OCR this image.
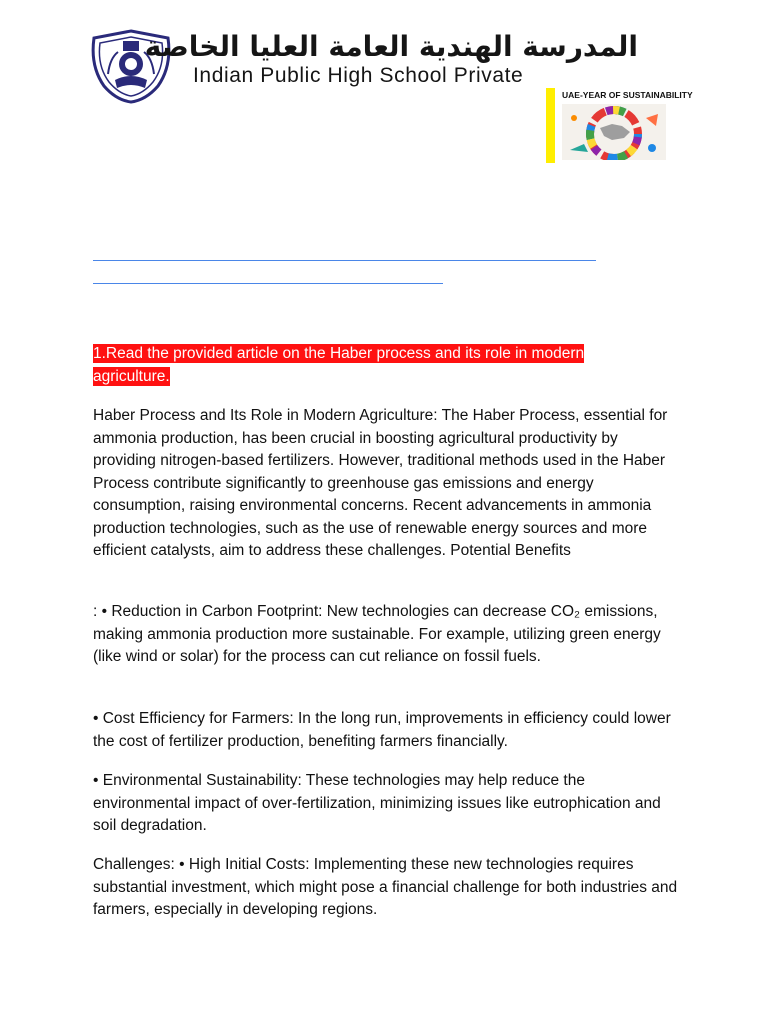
المدرسة الهندية العامة العليا الخاصة
Indian Public High School Private
UAE-YEAR OF SUSTAINABILITY
1.Read the provided article on the Haber process and its role in modern agriculture.

Haber Process and Its Role in Modern Agriculture: The Haber Process, essential for ammonia production, has been crucial in boosting agricultural productivity by providing nitrogen-based fertilizers. However, traditional methods used in the Haber Process contribute significantly to greenhouse gas emissions and energy consumption, raising environmental concerns. Recent advancements in ammonia production technologies, such as the use of renewable energy sources and more efficient catalysts, aim to address these challenges. Potential Benefits

: • Reduction in Carbon Footprint: New technologies can decrease CO₂ emissions, making ammonia production more sustainable. For example, utilizing green energy (like wind or solar) for the process can cut reliance on fossil fuels.

• Cost Efficiency for Farmers: In the long run, improvements in efficiency could lower the cost of fertilizer production, benefiting farmers financially.

• Environmental Sustainability: These technologies may help reduce the environmental impact of over-fertilization, minimizing issues like eutrophication and soil degradation.

Challenges: • High Initial Costs: Implementing these new technologies requires substantial investment, which might pose a financial challenge for both industries and farmers, especially in developing regions.
